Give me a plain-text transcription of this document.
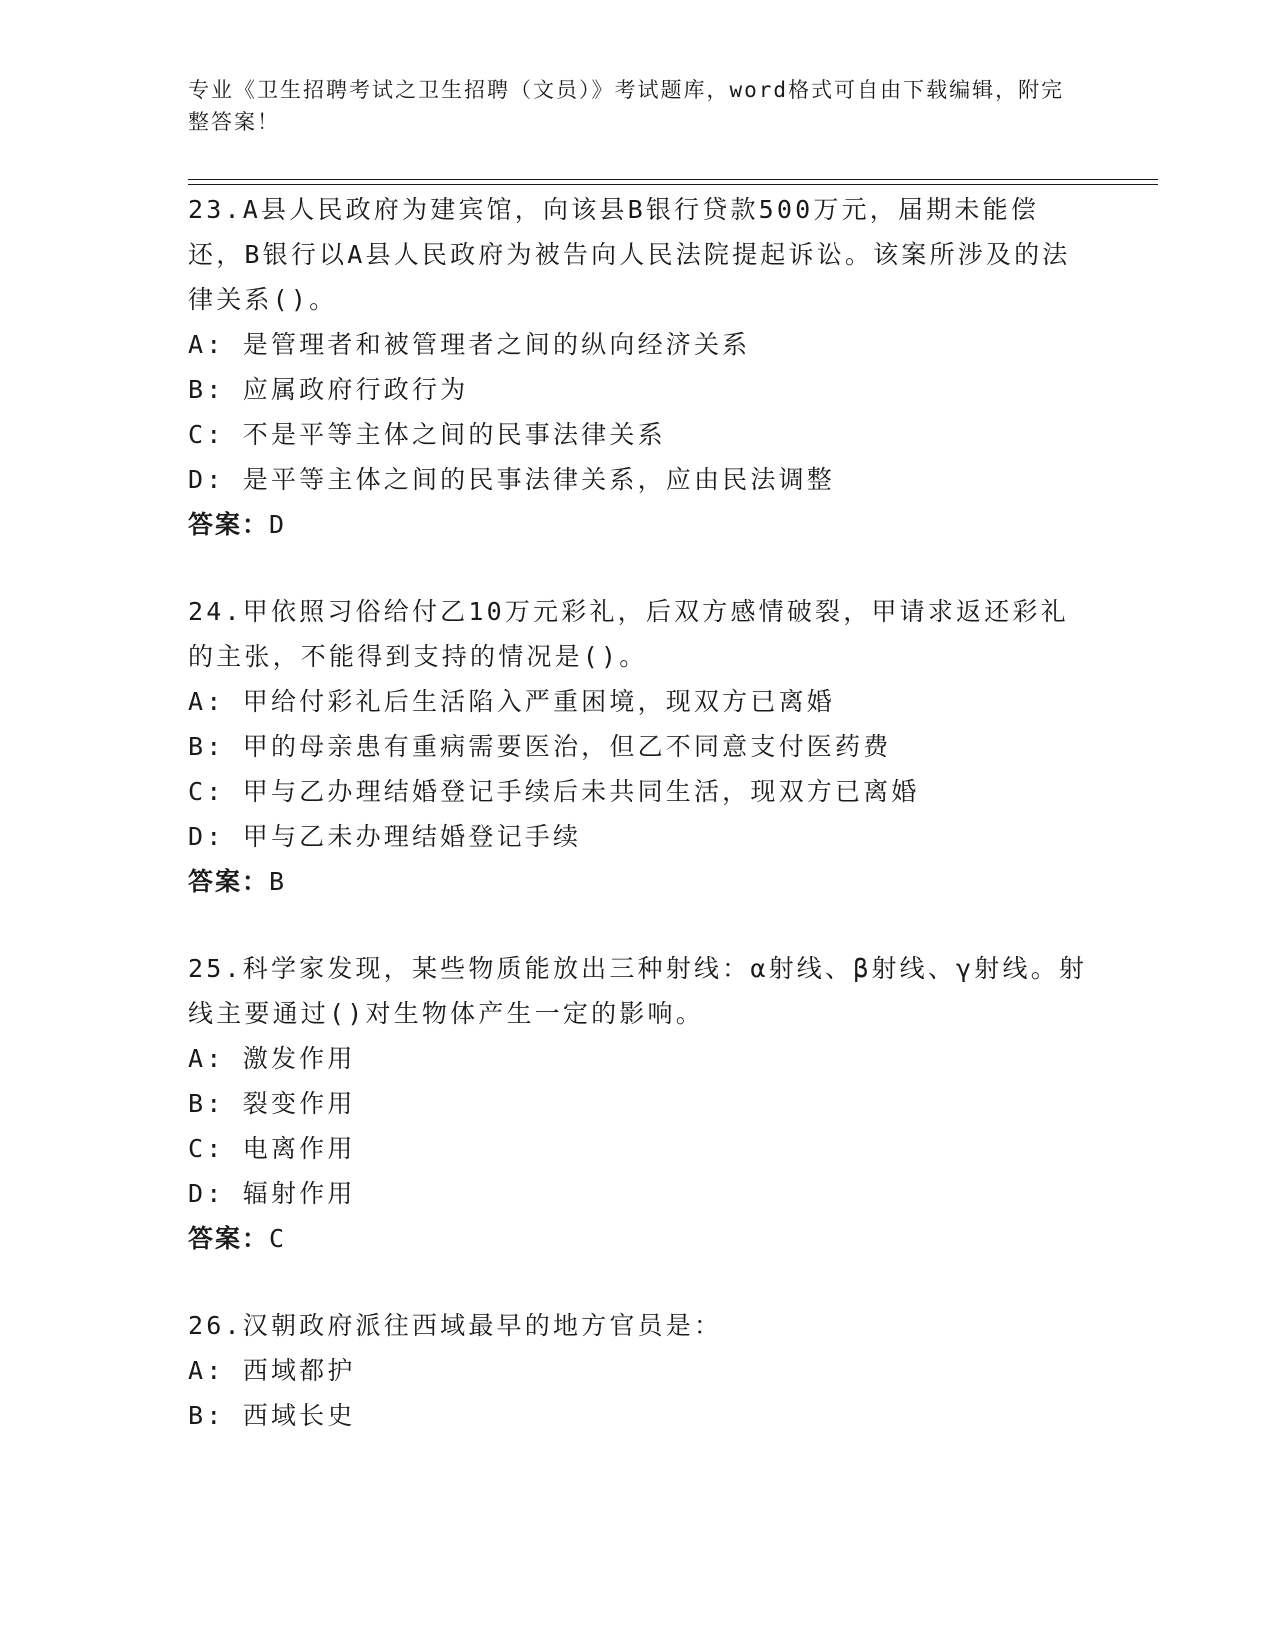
专业《卫生招聘考试之卫生招聘（文员）》考试题库，word格式可自由下载编辑，附完整答案！

23.A县人民政府为建宾馆，向该县B银行贷款500万元，届期未能偿还，B银行以A县人民政府为被告向人民法院提起诉讼。该案所涉及的法律关系()。

A: 是管理者和被管理者之间的纵向经济关系

B: 应属政府行政行为

C: 不是平等主体之间的民事法律关系

D: 是平等主体之间的民事法律关系，应由民法调整

答案：D

24.甲依照习俗给付乙10万元彩礼，后双方感情破裂，甲请求返还彩礼的主张，不能得到支持的情况是()。

A: 甲给付彩礼后生活陷入严重困境，现双方已离婚

B: 甲的母亲患有重病需要医治，但乙不同意支付医药费

C: 甲与乙办理结婚登记手续后未共同生活，现双方已离婚

D: 甲与乙未办理结婚登记手续

答案：B

25.科学家发现，某些物质能放出三种射线：α射线、β射线、γ射线。射线主要通过()对生物体产生一定的影响。

A: 激发作用

B: 裂变作用

C: 电离作用

D: 辐射作用

答案：C

26.汉朝政府派往西域最早的地方官员是：

A: 西域都护

B: 西域长史
